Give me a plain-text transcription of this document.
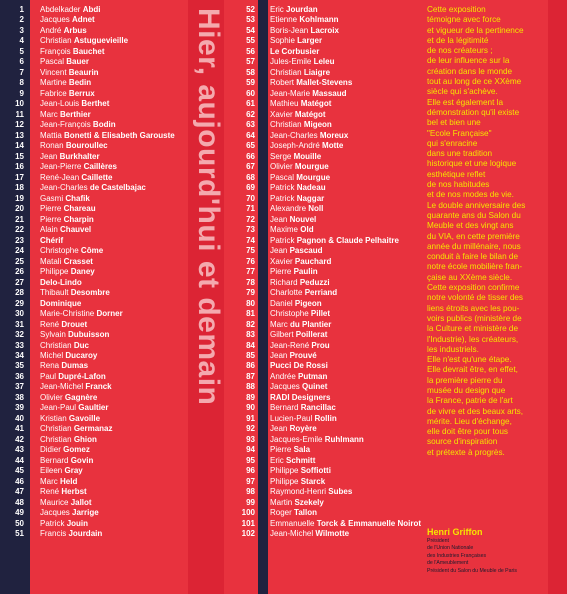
1
2
3
4
5
6
7
8
9
10
11
12
13
14
15
16
17
18
19
20
21
22
23
24
25
26
27
28
29
30
31
32
33
34
35
36
37
38
39
40
41
42
43
44
45
46
47
48
49
50
51
Abdelkader Abdi
Jacques Adnet
André Arbus
Christian Astuguevieille
François Bauchet
Pascal Bauer
Vincent Beaurin
Martine Bedin
Fabrice Berrux
Jean-Louis Berthet
Marc Berthier
Jean-François Bodin
Mattia Bonetti & Elisabeth Garouste
Ronan Bouroullec
Jean Burkhalter
Jean-Pierre Caillères
René-Jean Caillette
Jean-Charles de Castelbajac
Gasmi Chafik
Pierre Chareau
Pierre Charpin
Alain Chauvel
Chérif
Christophe Côme
Matali Crasset
Philippe Daney
Delo-Lindo
Thibault Desombre
Dominique
Marie-Christine Dorner
René Drouet
Sylvain Dubuisson
Christian Duc
Michel Ducaroy
Rena Dumas
Paul Dupré-Lafon
Jean-Michel Franck
Olivier Gagnère
Jean-Paul Gaultier
Kristian Gavoille
Christian Germanaz
Christian Ghion
Didier Gomez
Bernard Govin
Eileen Gray
Marc Held
René Herbst
Maurice Jallot
Jacques Jarrige
Patrick Jouin
Francis Jourdain
Hier, aujourd'hui et demain	52
53
54
55
56
57
58
59
60
61
62
63
64
65
66
67
68
69
70
71
72
73
74
75
76
77
78
79
80
81
82
83
84
85
86
87
88
89
90
91
92
93
94
95
96
97
98
99
100
101
102
Eric Jourdan
Etienne Kohlmann
Boris-Jean Lacroix
Sophie Larger
Le Corbusier
Jules-Emile Leleu
Christian Liaigre
Robert Mallet-Stevens
Jean-Marie Massaud
Mathieu Matégot
Xavier Matégot
Christian Migeon
Jean-Charles Moreux
Joseph-André Motte
Serge Mouille
Olivier Mourgue
Pascal Mourgue
Patrick Nadeau
Patrick Naggar
Alexandre Noll
Jean Nouvel
Maxime Old
Patrick Pagnon & Claude Pelhaitre
Jean Pascaud
Xavier Pauchard
Pierre Paulin
Richard Peduzzi
Charlotte Perriand
Daniel Pigeon
Christophe Pillet
Marc du Plantier
Gilbert Poillerat
Jean-René Prou
Jean Prouvé
Pucci De Rossi
Andrée Putman
Jacques Quinet
RADI Designers
Bernard Rancillac
Lucien-Paul Rollin
Jean Royère
Jacques-Emile Ruhlmann
Pierre Sala
Eric Schmitt
Philippe Soffiotti
Philippe Starck
Raymond-Henri Subes
Martin Szekely
Roger Tallon
Emmanuelle Torck & Emmanuelle Noirot
Jean-Michel Wilmotte

Cette exposition

témoigne avec force

et vigueur de la pertinence

et de la légitimité

de nos créateurs ;

de leur influence sur la

création dans le monde

tout au long de ce XXème

siècle qui s'achève.

Elle est également la

démonstration qu'il existe

bel et bien une

"Ecole Française"

qui s'enracine

dans une tradition

historique et une logique

esthétique reflet

de nos habitudes

et de nos modes de vie.

Le double anniversaire des

quarante ans du Salon du

Meuble et des vingt ans

du VIA, en cette première

année du millénaire, nous

conduit à faire le bilan de

notre école mobilière fran-

çaise au XXème siècle.

Cette exposition confirme

notre volonté de tisser des

liens étroits avec les pou-

voirs publics (ministère de

la Culture et ministère de

l'Industrie), les créateurs,

les industriels.

Elle n'est qu'une étape.

Elle devrait être, en effet,

la première pierre du

musée du design que

la France, patrie de l'art

de vivre et des beaux arts,

mérite. Lieu d'échange,

elle doit être pour tous

source d'inspiration

et prétexte à progrès.

Henri Griffon
Président
de l'Union Nationale
des Industries Françaises
de l'Ameublement
Président du Salon du Meuble de Paris
